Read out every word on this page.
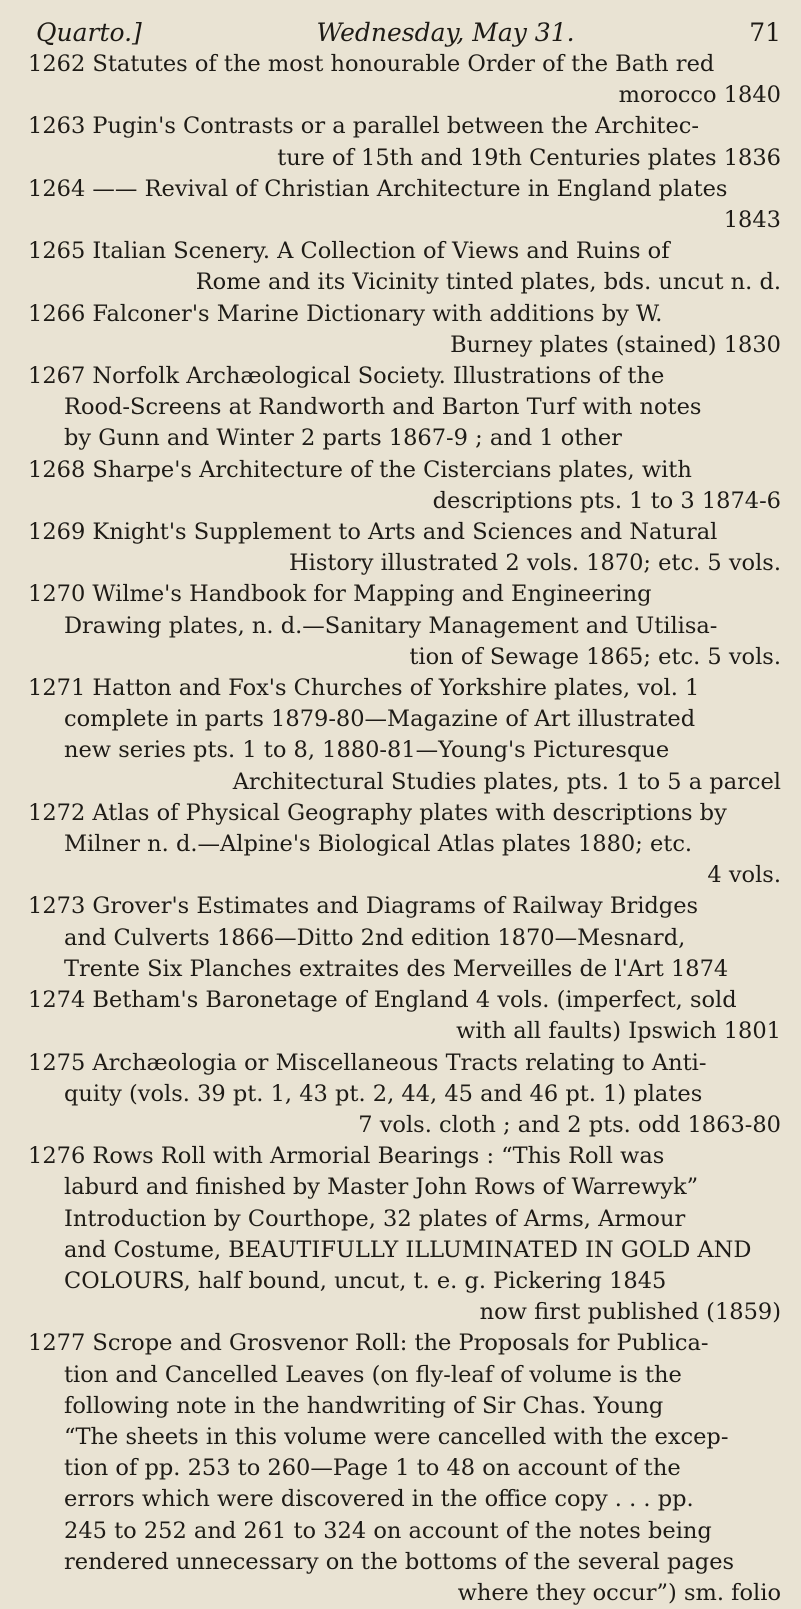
Quarto.]	Wednesday, May 31.	71
1262 Statutes of the most honourable Order of the Bath red
morocco 1840
1263 Pugin's Contrasts or a parallel between the Architec-
ture of 15th and 19th Centuries plates 1836
1264 —— Revival of Christian Architecture in England plates
1843
1265 Italian Scenery. A Collection of Views and Ruins of
Rome and its Vicinity tinted plates, bds. uncut n. d.
1266 Falconer's Marine Dictionary with additions by W.
Burney plates (stained) 1830
1267 Norfolk Archæological Society. Illustrations of the
Rood-Screens at Randworth and Barton Turf with notes
by Gunn and Winter 2 parts 1867-9 ; and 1 other
1268 Sharpe's Architecture of the Cistercians plates, with
descriptions pts. 1 to 3 1874-6
1269 Knight's Supplement to Arts and Sciences and Natural
History illustrated 2 vols. 1870; etc. 5 vols.
1270 Wilme's Handbook for Mapping and Engineering
Drawing plates, n. d.—Sanitary Management and Utilisa-
tion of Sewage 1865; etc. 5 vols.
1271 Hatton and Fox's Churches of Yorkshire plates, vol. 1
complete in parts 1879-80—Magazine of Art illustrated
new series pts. 1 to 8, 1880-81—Young's Picturesque
Architectural Studies plates, pts. 1 to 5 a parcel
1272 Atlas of Physical Geography plates with descriptions by
Milner n. d.—Alpine's Biological Atlas plates 1880; etc.
4 vols.
1273 Grover's Estimates and Diagrams of Railway Bridges
and Culverts 1866—Ditto 2nd edition 1870—Mesnard,
Trente Six Planches extraites des Merveilles de l'Art 1874
1274 Betham's Baronetage of England 4 vols. (imperfect, sold
with all faults) Ipswich 1801
1275 Archæologia or Miscellaneous Tracts relating to Anti-
quity (vols. 39 pt. 1, 43 pt. 2, 44, 45 and 46 pt. 1) plates
7 vols. cloth ; and 2 pts. odd 1863-80
1276 Rows Roll with Armorial Bearings : “This Roll was
laburd and finished by Master John Rows of Warrewyk”
Introduction by Courthope, 32 plates of Arms, Armour
and Costume, BEAUTIFULLY ILLUMINATED IN GOLD AND
COLOURS, half bound, uncut, t. e. g. Pickering 1845
now first published (1859)
1277 Scrope and Grosvenor Roll: the Proposals for Publica-
tion and Cancelled Leaves (on fly-leaf of volume is the
following note in the handwriting of Sir Chas. Young
“The sheets in this volume were cancelled with the excep-
tion of pp. 253 to 260—Page 1 to 48 on account of the
errors which were discovered in the office copy . . . pp.
245 to 252 and 261 to 324 on account of the notes being
rendered unnecessary on the bottoms of the several pages
where they occur”) sm. folio
